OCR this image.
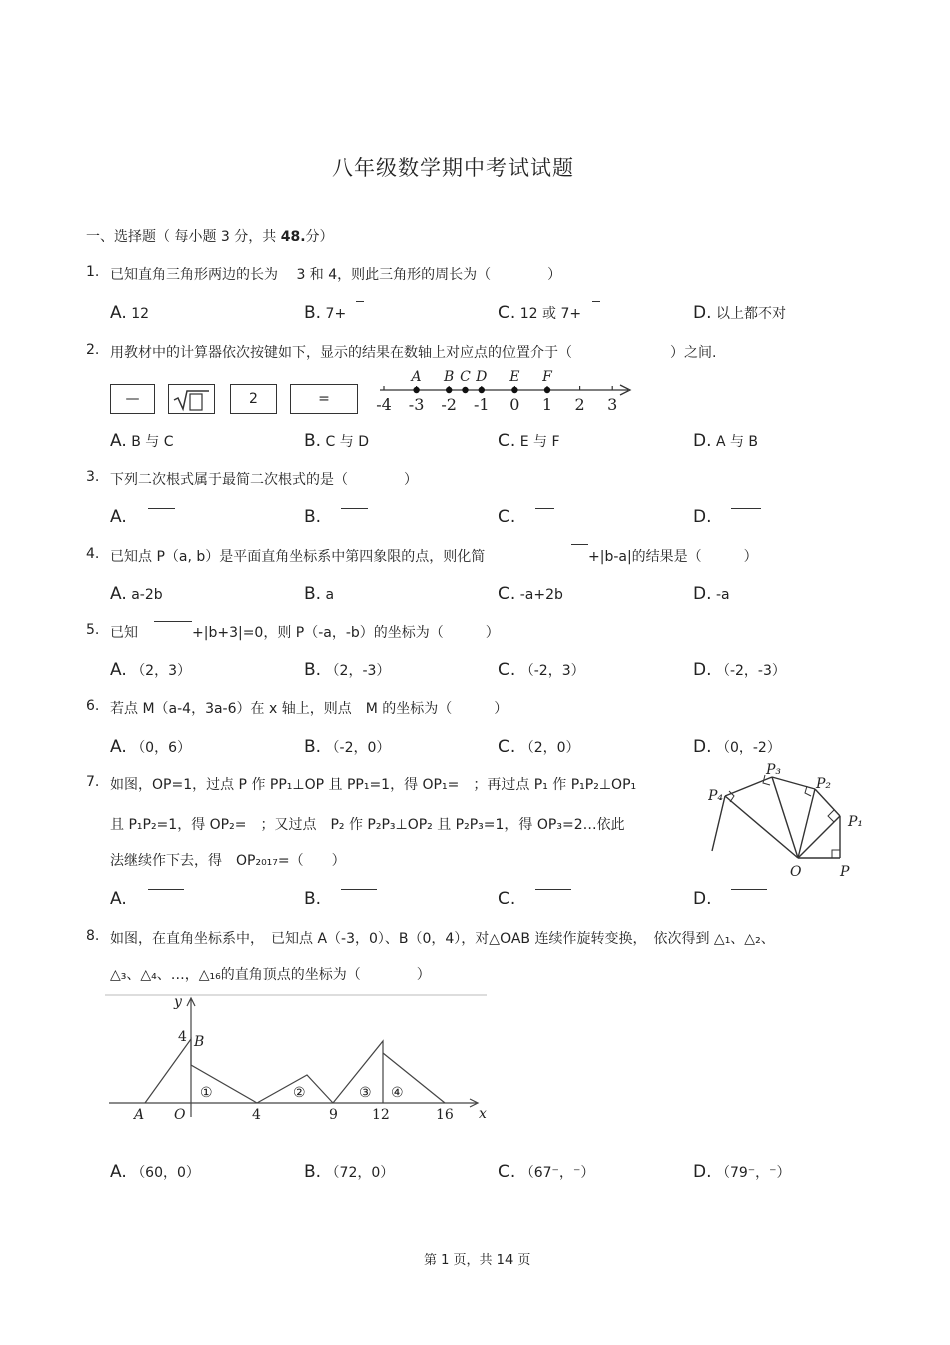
八年级数学期中考试试题
一、选择题（ 每小题 3 分，共 48.分）
1. 已知直角三角形两边的长为　 3 和 4，则此三角形的周长为（　　　　）
A. 12	B. 7+	C. 12 或 7+	D. 以上都不对
2. 用教材中的计算器依次按键如下，显示的结果在数轴上对应点的位置介于（　　　　　　　）之间.
—	2	=	-4 -3 -2 -1 0 1 2 3
A B C D E F
A. B 与 C	B. C 与 D	C. E 与 F	D. A 与 B
3. 下列二次根式属于最简二次根式的是（　　　　）
A.	B.	C.	D.
4. 已知点 P（a, b）是平面直角坐标系中第四象限的点，则化简	+|b-a|的结果是（　　　）
A. a-2b	B. a	C. -a+2b	D. -a
5. 已知	+|b+3|=0，则 P（-a，-b）的坐标为（　　　）
A. （2，3）	B. （2，-3）	C. （-2，3）	D. （-2，-3）
6. 若点 M（a-4，3a-6）在 x 轴上，则点　M 的坐标为（　　　）
A. （0，6）	B. （-2，0）	C. （2，0）	D. （0，-2）
7. 如图，OP=1，过点 P 作 PP₁⊥OP 且 PP₁=1，得 OP₁=　；再过点 P₁ 作 P₁P₂⊥OP₁
且 P₁P₂=1，得 OP₂=　；又过点　P₂ 作 P₂P₃⊥OP₂ 且 P₂P₃=1，得 OP₃=2…依此
法继续作下去，得　OP₂₀₁₇=（　　）
P₄
P₃
P₂
P₁
O	P
A.	B.	C.	D.
8. 如图，在直角坐标系中，　已知点 A（-3，0）、B（0，4），对△OAB 连续作旋转变换，　依次得到 △₁、△₂、
△₃、△₄、…，△₁₆的直角顶点的坐标为（　　　　）
y
x
4 B
A O	4	9 12	16
①	②	③ ④
A. （60，0）	B. （72，0）	C. （67⁻，⁻）	D. （79⁻，⁻）
第 1 页，共 14 页
